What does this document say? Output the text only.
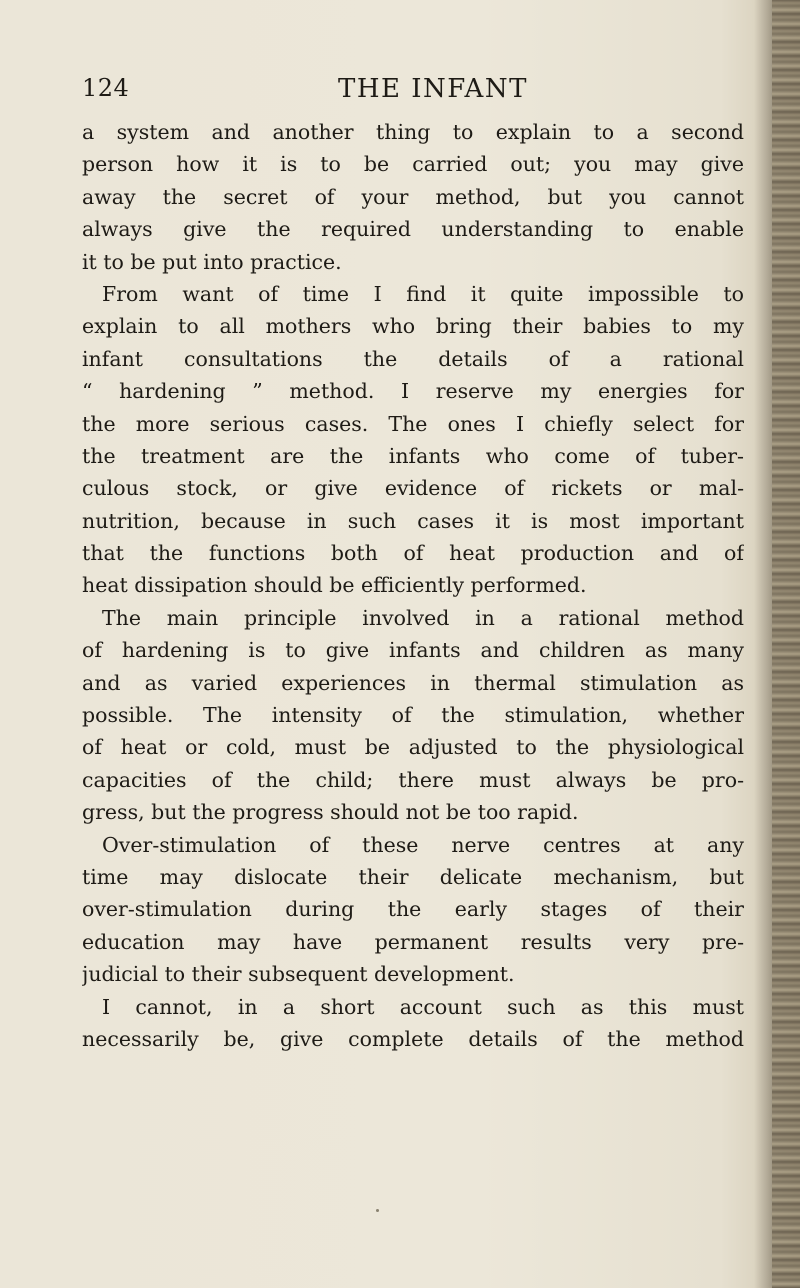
124	THE INFANT
a system and another thing to explain to a second
person how it is to be carried out; you may give
away the secret of your method, but you cannot
always give the required understanding to enable
it to be put into practice.
From want of time I find it quite impossible to
explain to all mothers who bring their babies to my
infant consultations the details of a rational
“ hardening ” method. I reserve my energies for
the more serious cases. The ones I chiefly select for
the treatment are the infants who come of tuber-
culous stock, or give evidence of rickets or mal-
nutrition, because in such cases it is most important
that the functions both of heat production and of
heat dissipation should be efficiently performed.
The main principle involved in a rational method
of hardening is to give infants and children as many
and as varied experiences in thermal stimulation as
possible. The intensity of the stimulation, whether
of heat or cold, must be adjusted to the physiological
capacities of the child; there must always be pro-
gress, but the progress should not be too rapid.
Over-stimulation of these nerve centres at any
time may dislocate their delicate mechanism, but
over-stimulation during the early stages of their
education may have permanent results very pre-
judicial to their subsequent development.
I cannot, in a short account such as this must
necessarily be, give complete details of the method
